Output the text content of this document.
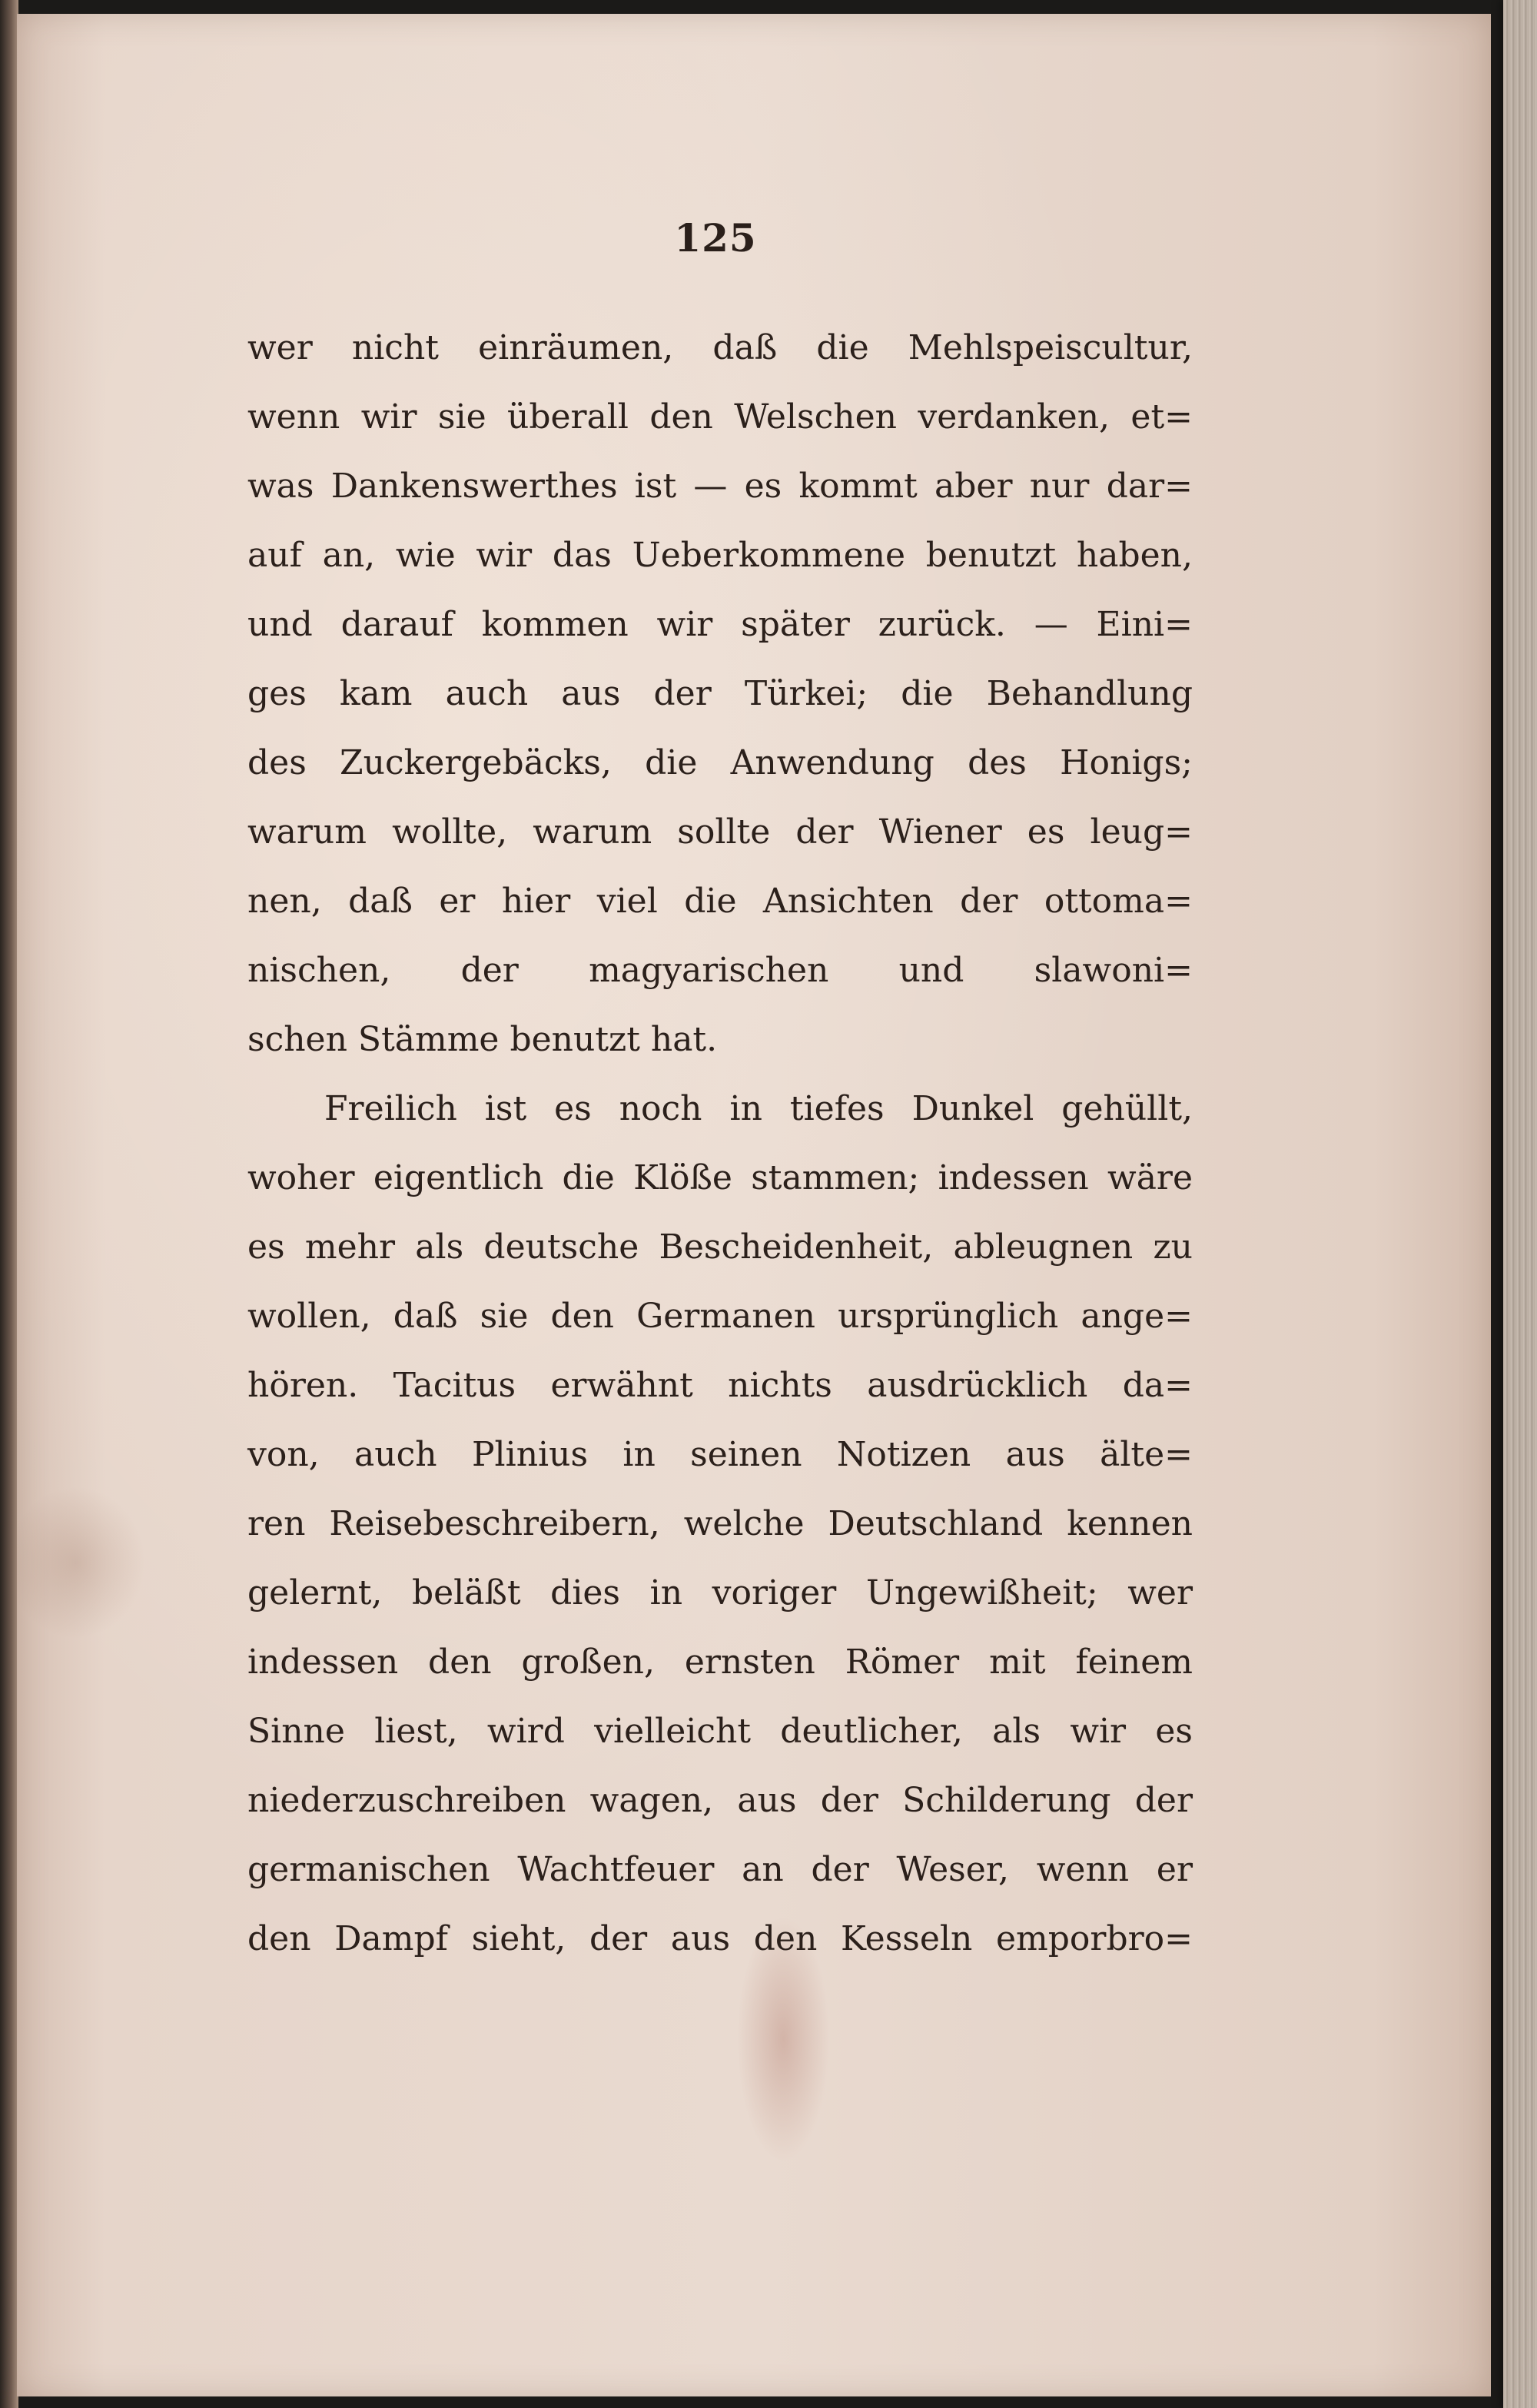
125
wer nicht einräumen, daß die Mehlspeiscultur,
wenn wir sie überall den Welschen verdanken, et=
was Dankenswerthes ist — es kommt aber nur dar=
auf an, wie wir das Ueberkommene benutzt haben,
und darauf kommen wir später zurück. — Eini=
ges kam auch aus der Türkei; die Behandlung
des Zuckergebäcks, die Anwendung des Honigs;
warum wollte, warum sollte der Wiener es leug=
nen, daß er hier viel die Ansichten der ottoma=
nischen, der magyarischen und slawoni=
schen Stämme benutzt hat.
Freilich ist es noch in tiefes Dunkel gehüllt,
woher eigentlich die Klöße stammen; indessen wäre
es mehr als deutsche Bescheidenheit, ableugnen zu
wollen, daß sie den Germanen ursprünglich ange=
hören. Tacitus erwähnt nichts ausdrücklich da=
von, auch Plinius in seinen Notizen aus älte=
ren Reisebeschreibern, welche Deutschland kennen
gelernt, beläßt dies in voriger Ungewißheit; wer
indessen den großen, ernsten Römer mit feinem
Sinne liest, wird vielleicht deutlicher, als wir es
niederzuschreiben wagen, aus der Schilderung der
germanischen Wachtfeuer an der Weser, wenn er
den Dampf sieht, der aus den Kesseln emporbro=
